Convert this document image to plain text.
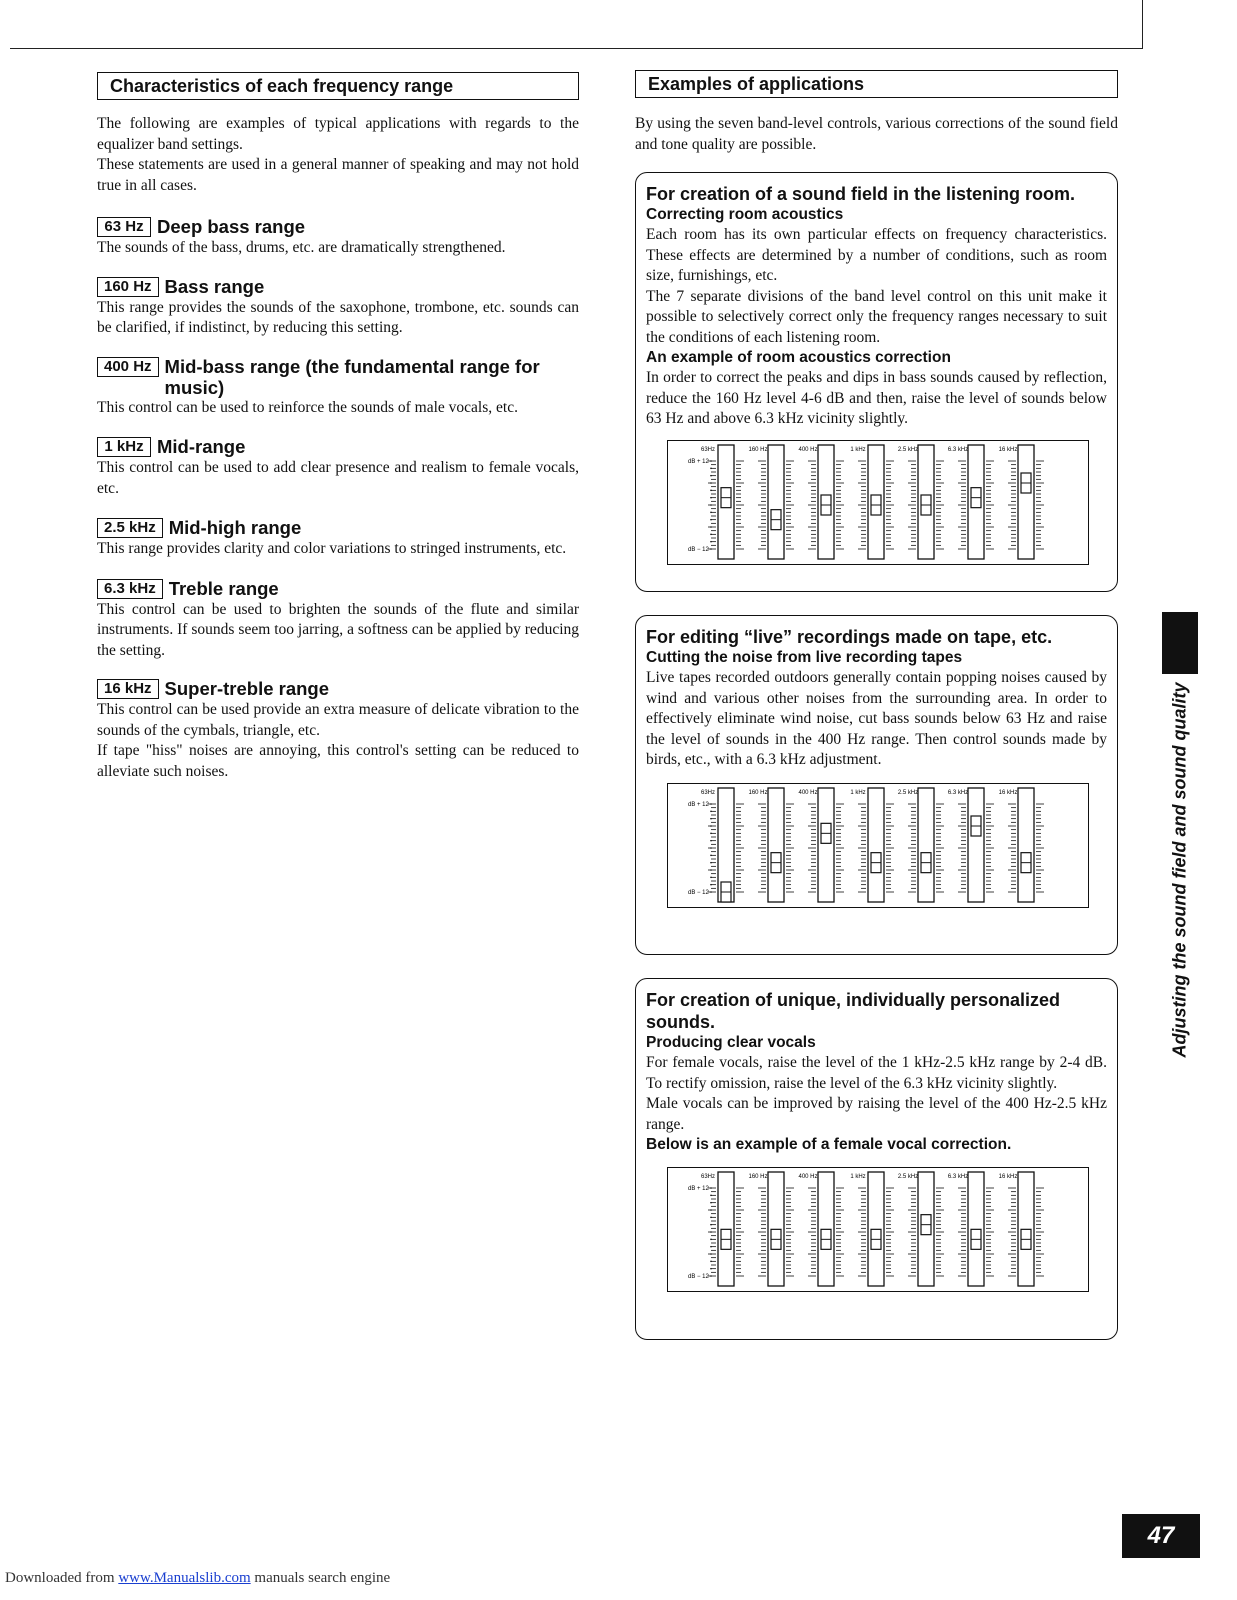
Characteristics of each frequency range

The following are examples of typical applications with regards to the equalizer band settings.

These statements are used in a general manner of speaking and may not hold true in all cases.

63 Hz Deep bass range

The sounds of the bass, drums, etc. are dramatically strengthened.

160 Hz Bass range

This range provides the sounds of the saxophone, trombone, etc. sounds can be clarified, if indistinct, by reducing this setting.

400 Hz Mid-bass range (the fundamental range for music)

This control can be used to reinforce the sounds of male vocals, etc.

1 kHz Mid-range

This control can be used to add clear presence and realism to female vocals, etc.

2.5 kHz Mid-high range

This range provides clarity and color variations to stringed instruments, etc.

6.3 kHz Treble range

This control can be used to brighten the sounds of the flute and similar instruments. If sounds seem too jarring, a softness can be applied by reducing the setting.

16 kHz Super-treble range

This control can be used provide an extra measure of delicate vibration to the sounds of the cymbals, triangle, etc.

If tape "hiss" noises are annoying, this control's setting can be reduced to alleviate such noises.

Examples of applications

By using the seven band-level controls, various corrections of the sound field and tone quality are possible.

For creation of a sound field in the listening room.
Correcting room acoustics

Each room has its own particular effects on frequency characteristics. These effects are determined by a number of conditions, such as room size, furnishings, etc.

The 7 separate divisions of the band level control on this unit make it possible to selectively correct only the frequency ranges necessary to suit the conditions of each listening room.

An example of room acoustics correction

In order to correct the peaks and dips in bass sounds caused by reflection, reduce the 160 Hz level 4-6 dB and then, raise the level of sounds below 63 Hz and above 6.3 kHz vicinity slightly.

dB + 12
dB − 12
63Hz	160 Hz	400 Hz	1 kHz	2.5 kHz	6.3 kHz	16 kHz
For editing “live” recordings made on tape, etc.
Cutting the noise from live recording tapes

Live tapes recorded outdoors generally contain popping noises caused by wind and various other noises from the surrounding area. In order to effectively eliminate wind noise, cut bass sounds below 63 Hz and raise the level of sounds in the 400 Hz range. Then control sounds made by birds, etc., with a 6.3 kHz adjustment.

dB + 12
dB − 12
63Hz	160 Hz	400 Hz	1 kHz	2.5 kHz	6.3 kHz	16 kHz
For creation of unique, individually personalized sounds.
Producing clear vocals

For female vocals, raise the level of the 1 kHz-2.5 kHz range by 2-4 dB. To rectify omission, raise the level of the 6.3 kHz vicinity slightly.

Male vocals can be improved by raising the level of the 400 Hz-2.5 kHz range.

Below is an example of a female vocal correction.
dB + 12
dB − 12
63Hz	160 Hz	400 Hz	1 kHz	2.5 kHz	6.3 kHz	16 kHz
Adjusting the sound field and sound quality
47
Downloaded from www.Manualslib.com manuals search engine
